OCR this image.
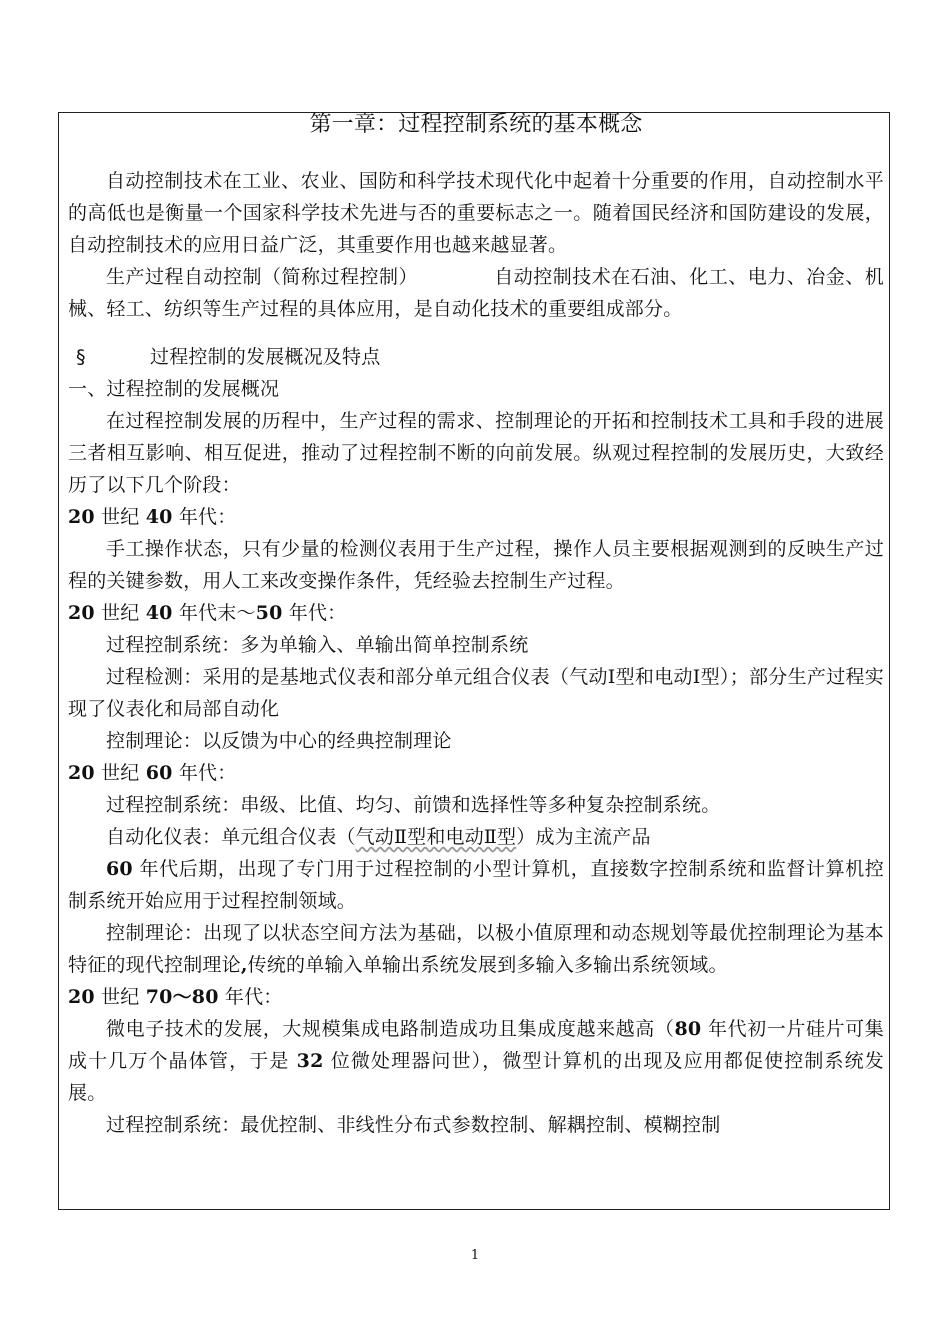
第一章：过程控制系统的基本概念

自动控制技术在工业、农业、国防和科学技术现代化中起着十分重要的作用，自动控制水平的高低也是衡量一个国家科学技术先进与否的重要标志之一。随着国民经济和国防建设的发展，自动控制技术的应用日益广泛，其重要作用也越来越显著。

生产过程自动控制（简称过程控制）	自动控制技术在石油、化工、电力、冶金、机械、轻工、纺织等生产过程的具体应用，是自动化技术的重要组成部分。

§	过程控制的发展概况及特点

一、过程控制的发展概况

在过程控制发展的历程中，生产过程的需求、控制理论的开拓和控制技术工具和手段的进展三者相互影响、相互促进，推动了过程控制不断的向前发展。纵观过程控制的发展历史，大致经历了以下几个阶段：

20 世纪 40 年代：

手工操作状态，只有少量的检测仪表用于生产过程，操作人员主要根据观测到的反映生产过程的关键参数，用人工来改变操作条件，凭经验去控制生产过程。

20 世纪 40 年代末～50 年代：

过程控制系统：多为单输入、单输出简单控制系统

过程检测：采用的是基地式仪表和部分单元组合仪表（气动Ⅰ型和电动Ⅰ型）；部分生产过程实现了仪表化和局部自动化

控制理论：以反馈为中心的经典控制理论

20 世纪 60 年代：

过程控制系统：串级、比值、均匀、前馈和选择性等多种复杂控制系统。

自动化仪表：单元组合仪表（气动Ⅱ型和电动Ⅱ型）成为主流产品

60 年代后期，出现了专门用于过程控制的小型计算机，直接数字控制系统和监督计算机控制系统开始应用于过程控制领域。

控制理论：出现了以状态空间方法为基础，以极小值原理和动态规划等最优控制理论为基本特征的现代控制理论,传统的单输入单输出系统发展到多输入多输出系统领域。

20 世纪 70～80 年代：

微电子技术的发展，大规模集成电路制造成功且集成度越来越高（80 年代初一片硅片可集成十几万个晶体管，于是 32 位微处理器问世），微型计算机的出现及应用都促使控制系统发展。

过程控制系统：最优控制、非线性分布式参数控制、解耦控制、模糊控制

1
